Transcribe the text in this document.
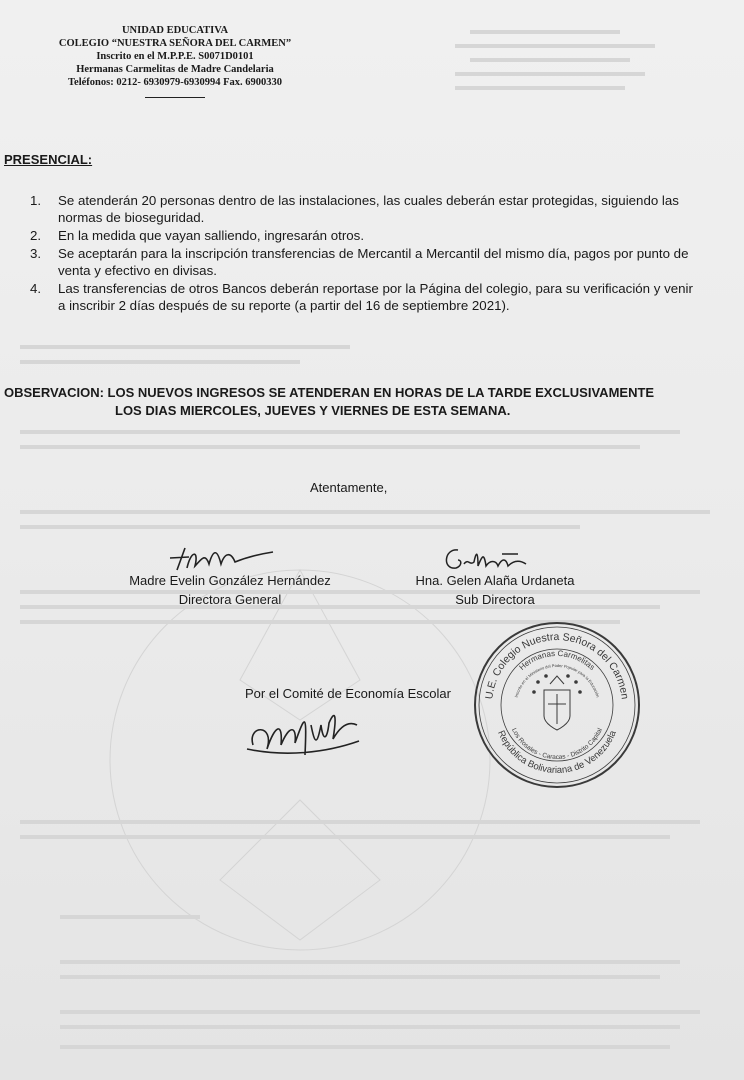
UNIDAD EDUCATIVA
COLEGIO “NUESTRA SEÑORA DEL CARMEN”
Inscrito en el M.P.P.E. S0071D0101
Hermanas Carmelitas de Madre Candelaria
Teléfonos: 0212- 6930979-6930994 Fax. 6900330
PRESENCIAL:
1.	Se atenderán 20 personas dentro de las instalaciones, las cuales deberán estar protegidas, siguiendo las normas de bioseguridad.
2.	En la medida que vayan salliendo, ingresarán otros.
3.	Se aceptarán para la inscripción transferencias de Mercantil a Mercantil del mismo día, pagos por punto de venta y efectivo en divisas.
4.	Las transferencias de otros Bancos deberán reportase por la Página del colegio, para su verificación y venir a inscribir 2 días después de su reporte (a partir del 16 de septiembre 2021).
OBSERVACION: LOS NUEVOS INGRESOS SE ATENDERAN EN HORAS DE LA TARDE EXCLUSIVAMENTE
LOS DIAS MIERCOLES, JUEVES Y VIERNES DE ESTA SEMANA.
Atentamente,
Madre Evelin González Hernández
Directora General
Hna. Gelen Alaña Urdaneta
Sub Directora
Por el Comité de Economía Escolar	U.E. Colegio Nuestra Señora del Carmen
República Bolivariana de Venezuela
Hermanas Carmelitas
Inscrito en el Ministerio del Poder Popular para la Educación
Los Rosales - Caracas - Distrito Capital
